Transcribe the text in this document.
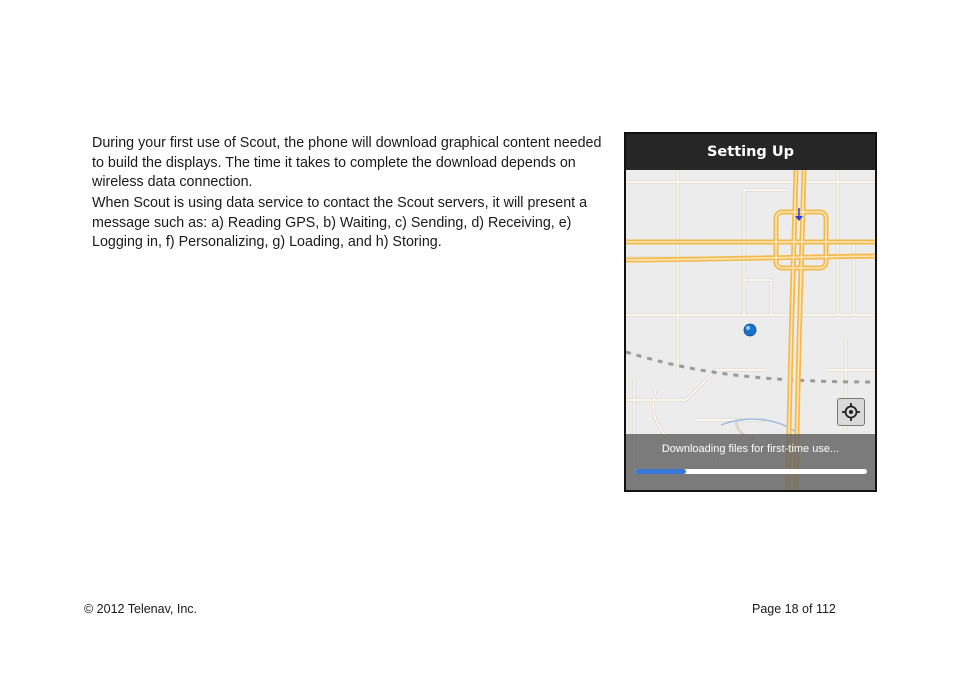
During your first use of Scout, the phone will download graphical content needed to build the displays. The time it takes to complete the download depends on wireless data connection.

When Scout is using data service to contact the Scout servers, it will present a message such as: a) Reading GPS, b) Waiting, c) Sending, d) Receiving, e) Logging in, f) Personalizing, g) Loading, and h) Storing.

Setting Up
Downloading files for first-time use...
© 2012 Telenav, Inc.	Page 18 of 112
